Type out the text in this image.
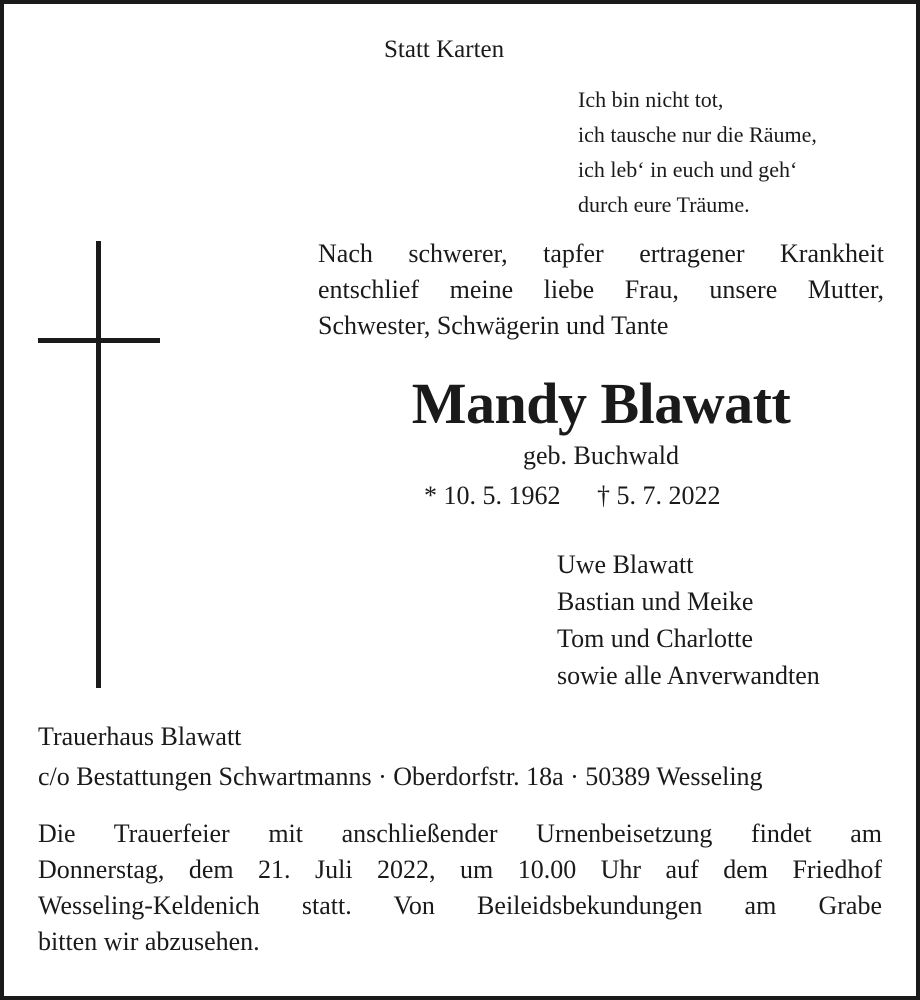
Statt Karten
Ich bin nicht tot,
ich tausche nur die Räume,
ich leb‘ in euch und geh‘
durch eure Träume.
Nach schwerer, tapfer ertragener Krankheit
entschlief meine liebe Frau, unsere Mutter,
Schwester, Schwägerin und Tante
Mandy Blawatt
geb. Buchwald
* 10. 5. 1962 † 5. 7. 2022
Uwe Blawatt
Bastian und Meike
Tom und Charlotte
sowie alle Anverwandten
Trauerhaus Blawatt
c/o Bestattungen Schwartmanns · Oberdorfstr. 18a · 50389 Wesseling
Die Trauerfeier mit anschließender Urnenbeisetzung findet am
Donnerstag, dem 21. Juli 2022, um 10.00 Uhr auf dem Friedhof
Wesseling-Keldenich statt. Von Beileidsbekundungen am Grabe
bitten wir abzusehen.
